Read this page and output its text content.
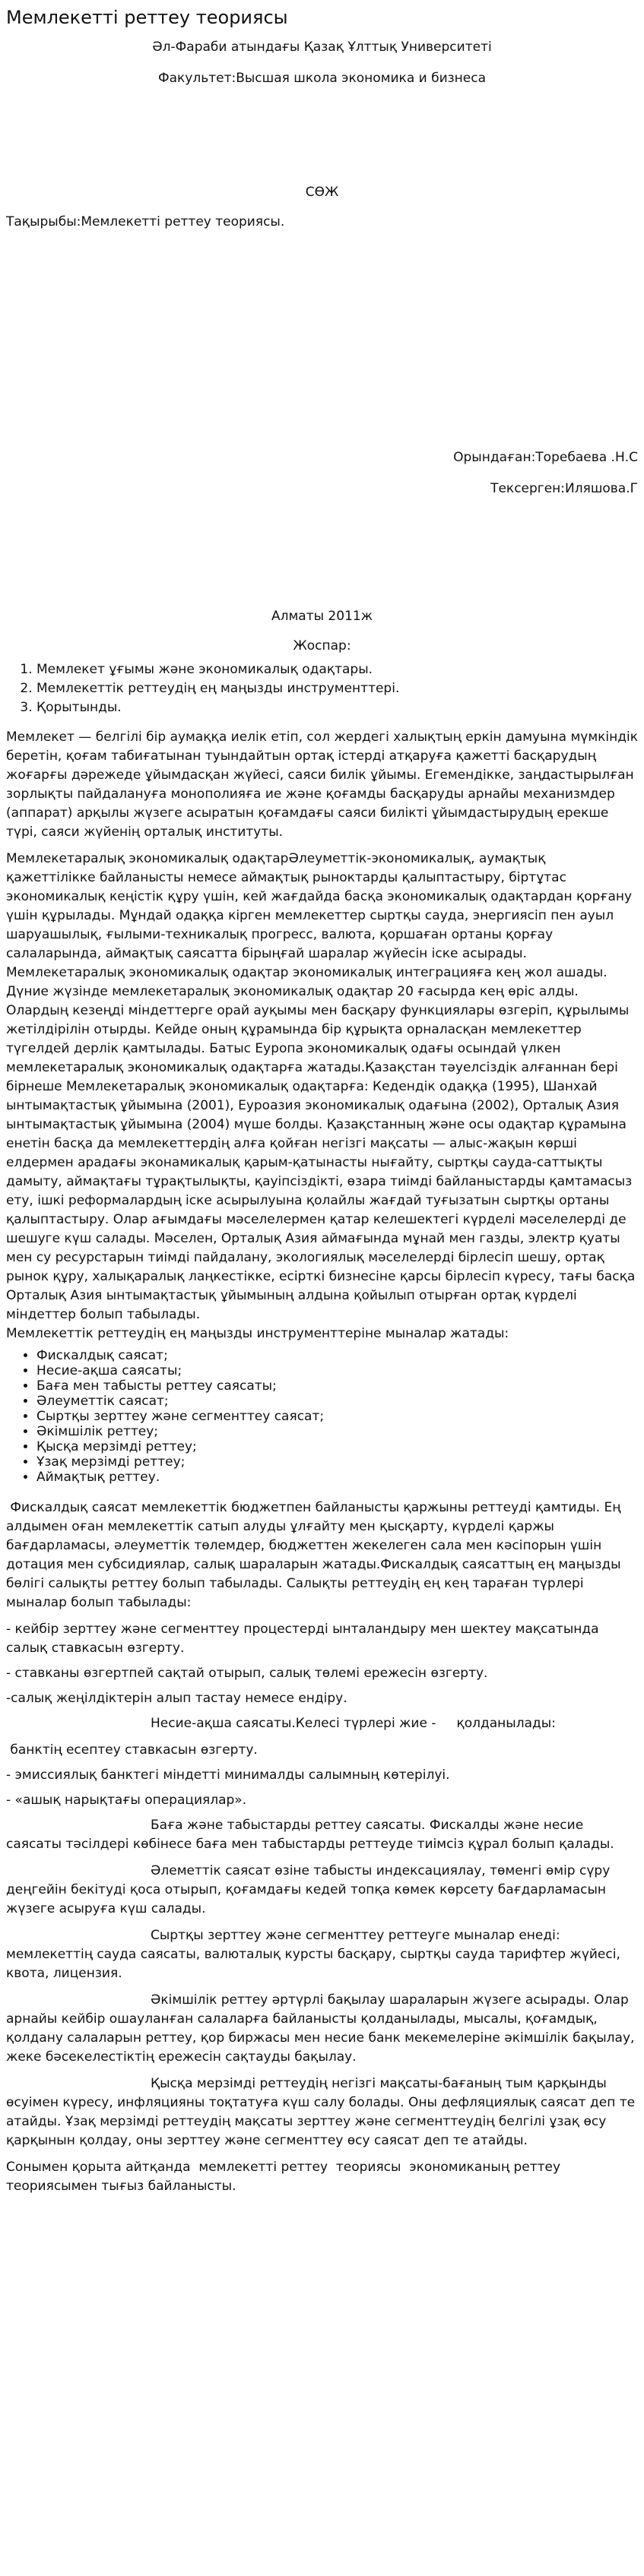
Мемлекетті реттеу теориясы

Әл-Фараби атындағы Қазақ Ұлттық Университеті

Факультет:Высшая школа экономика и бизнеса

СӨЖ

Тақырыбы:Мемлекетті реттеу теориясы.

Орындаған:Торебаева .Н.С

Тексерген:Иляшова.Г

Алматы 2011ж

Жоспар:

1. Мемлекет ұғымы және экономикалық одақтары.
2. Мемлекеттік реттеудің ең маңызды инструменттері.
3. Қорытынды.

Мемлекет — белгілі бір аумаққа иелік етіп, сол жердегі халықтың еркін дамуына мүмкіндік беретін, қоғам табиғатынан туындайтын ортақ істерді атқаруға қажетті басқарудың жоғарғы дәрежеде ұйымдасқан жүйесі, саяси билік ұйымы. Егемендікке, заңдастырылған зорлықты пайдалануға монополияға ие және қоғамды басқаруды арнайы механизмдер (аппарат) арқылы жүзеге асыратын қоғамдағы саяси билікті ұйымдастырудың ерекше түрі, саяси жүйенің орталық институты.

Мемлекетаралық экономикалық одақтарӘлеуметтік-экономикалық, аумақтық қажеттілікке байланысты немесе аймақтық рыноктарды қалыптастыру, біртұтас экономикалық кеңістік құру үшін, кей жағдайда басқа экономикалық одақтардан қорғану үшін құрылады. Мұндай одаққа кірген мемлекеттер сыртқы сауда, энергиясіп пен ауыл шаруашылық, ғылыми-техникалық прогресс, валюта, қоршаған ортаны қорғау салаларында, аймақтық саясатта бірыңғай шаралар жүйесін іске асырады. Мемлекетаралық экономикалық одақтар экономикалық интеграцияға кең жол ашады. Дүние жүзінде мемлекетаралық экономикалық одақтар 20 ғасырда кең өріс алды. Олардың кезеңді міндеттерге орай ауқымы мен басқару функциялары өзгеріп, құрылымы жетілдірілін отырды. Кейде оның құрамында бір құрықта орналасқан мемлекеттер түгелдей дерлік қамтылады. Батыс Еуропа экономикалық одағы осындай үлкен мемлекетаралық экономикалық одақтарға жатады.Қазақстан тәуелсіздік алғаннан бері бірнеше Мемлекетаралық экономикалық одақтарға: Кедендік одаққа (1995), Шанхай ынтымақтастық ұйымына (2001), Еуроазия экономикалық одағына (2002), Орталық Азия ынтымақтастық ұйымына (2004) мүше болды. Қазақстанның және осы одақтар құрамына енетін басқа да мемлекеттердің алға қойған негізгі мақсаты — алыс-жақын көрші елдермен арадағы эконамикалық қарым-қатынасты нығайту, сыртқы сауда-саттықты дамыту, аймақтағы тұрақтылықты, қауіпсіздікті, өзара тиімді байланыстарды қамтамасыз ету, ішкі реформалардың іске асырылуына қолайлы жағдай туғызатын сыртқы ортаны қалыптастыру. Олар ағымдағы мәселелермен қатар келешектегі күрделі мәселелерді де шешуге күш салады. Мәселен, Орталық Азия аймағында мұнай мен газды, электр қуаты мен су ресурстарын тиімді пайдалану, экологиялық мәселелерді бірлесіп шешу, ортақ рынок құру, халықаралық лаңкестікке, есірткі бизнесіне қарсы бірлесіп күресу, тағы басқа Орталық Азия ынтымақтастық ұйымының алдына қойылып отырған ортақ күрделі міндеттер болып табылады.

Мемлекеттік реттеудің ең маңызды инструменттеріне мыналар жатады:

• Фискалдық саясат;
• Несие-ақша саясаты;
• Баға мен табысты реттеу саясаты;
• Әлеуметтік саясат;
• Сыртқы зерттеу және сегменттеу саясат;
• Әкімшілік реттеу;
• Қысқа мерзімді реттеу;
• Ұзақ мерзімді реттеу;
• Аймақтық реттеу.

Фискалдық саясат мемлекеттік бюджетпен байланысты қаржыны реттеуді қамтиды. Ең алдымен оған мемлекеттік сатып алуды ұлғайту мен қысқарту, күрделі қаржы бағдарламасы, әлеуметтік төлемдер, бюджеттен жекелеген сала мен кәсіпорын үшін дотация мен субсидиялар, салық шараларын жатады.Фискалдық саясаттың ең маңызды бөлігі салықты реттеу болып табылады. Салықты реттеудің ең кең тараған түрлері мыналар болып табылады:

- кейбір зерттеу және сегменттеу процестерді ынталандыру мен шектеу мақсатында салық ставкасын өзгерту.

- ставканы өзгертпей сақтай отырып, салық төлемі ережесін өзгерту.

-салық жеңілдіктерін алып тастау немесе ендіру.

Несие-ақша саясаты.Келесі түрлері жие -     қолданылады:

банктің есептеу ставкасын өзгерту.

- эмиссиялық банктегі міндетті минималды салымның көтерілуі.

- «ашық нарықтағы операциялар».

Баға және табыстарды реттеу саясаты. Фискалды және несие саясаты тәсілдері көбінесе баға мен табыстарды реттеуде тиімсіз құрал болып қалады.

Әлеметтік саясат өзіне табысты индексациялау, төменгі өмір сүру деңгейін бекітуді қоса отырып, қоғамдағы кедей топқа көмек көрсету бағдарламасын жүзеге асыруға күш салады.

Сыртқы зерттеу және сегменттеу реттеуге мыналар енеді: мемлекеттің сауда саясаты, валюталық курсты басқару, сыртқы сауда тарифтер жүйесі, квота, лицензия.

Әкімшілік реттеу әртүрлі бақылау шараларын жүзеге асырады. Олар арнайы кейбір ошауланған салаларға байланысты қолданылады, мысалы, қоғамдық, қолдану салаларын реттеу, қор биржасы мен несие банк мекемелеріне әкімшілік бақылау, жеке бәсекелестіктің ережесін сақтауды бақылау.

Қысқа мерзімді реттеудің негізгі мақсаты-бағаның тым қарқынды өсуімен күресу, инфляцияны тоқтатуға күш салу болады. Оны дефляциялық саясат деп те атайды. Ұзақ мерзімді реттеудің мақсаты зерттеу және сегменттеудің белгілі ұзақ өсу қарқынын қолдау, оны зерттеу және сегменттеу өсу саясат деп те атайды.

Сонымен қорыта айтқанда  мемлекетті реттеу  теориясы  экономиканың реттеу  теориясымен тығыз байланысты.
